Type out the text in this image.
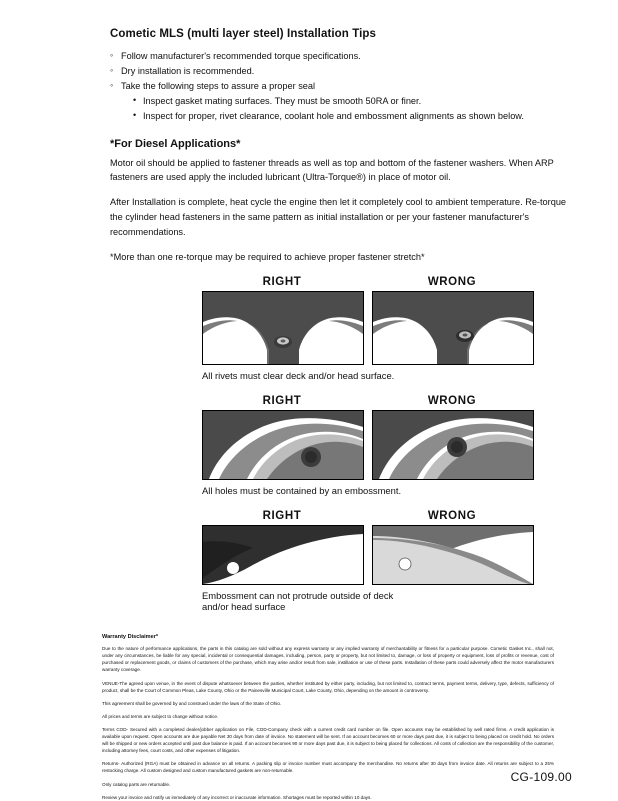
Cometic MLS (multi layer steel) Installation Tips
◦ Follow manufacturer's recommended torque specifications.
◦ Dry installation is recommended.
◦ Take the following steps to assure a proper seal
• Inspect gasket mating surfaces. They must be smooth 50RA or finer.
• Inspect for proper, rivet clearance, coolant hole and embossment alignments as shown below.
*For Diesel Applications*

Motor oil should be applied to fastener threads as well as top and bottom of the fastener washers. When ARP fasteners are used apply the included lubricant (Ultra-Torque®) in place of motor oil.

After Installation is complete, heat cycle the engine then let it completely cool to ambient temperature. Re-torque the cylinder head fasteners in the same pattern as initial installation or per your fastener manufacturer's recommendations.

*More than one re-torque may be required to achieve proper fastener stretch*

RIGHT	WRONG
All rivets must clear deck and/or head surface.

RIGHT	WRONG
All holes must be contained by an embossment.
RIGHT	WRONG
Embossment can not protrude outside of deck
and/or head surface
Warranty Disclaimer*

Due to the nature of performance applications, the parts in this catalog are sold without any express warranty or any implied warranty of merchantability or fitness for a particular purpose. Cometic Gasket Inc., shall not, under any circumstances, be liable for any special, incidental or consequential damages, including, person, party or property, but not limited to, damage, or loss of property or equipment, loss of profits or revenue, cost of purchased or replacement goods, or claims of customers of the purchase, which may arise and/or result from sale, instillation or use of these parts. Installation of these parts could adversely affect the motor manufacturers warranty coverage.

VENUE-The agreed upon venue, in the event of dispute whatsoever between the parties, whether instituted by either party, including, but not limited to, contract terms, payment terms, delivery, type, defects, sufficiency of product, shall be the Court of Common Pleas, Lake County, Ohio or the Painesville Municipal Court, Lake County, Ohio, depending on the amount in controversy.

This agreement shall be governed by and construed under the laws of the State of Ohio.

All prices and terms are subject to change without notice.

Terms COD- Secured with a completed dealer/jobber application on File, COD-Company check with a current credit card number on file. Open accounts may be established by well rated firms. A credit application is available upon request. Open accounts are due payable Net 30 days from date of invoice. No statement will be sent. If an account becomes 60 or more days past due, it is subject to being placed on credit hold. No orders will be shipped or new orders accepted until past due balance is paid. If an account becomes 90 or more days past due, it is subject to being placed for collections. All costs of collection are the responsibility of the customer, including attorney fees, court costs, and other expenses of litigation.

Returns- Authorized (RGA) must be obtained in advance on all returns. A packing slip or invoice number must accompany the merchandise. No returns after 30 days from invoice date. All returns are subject to a 25% restocking charge. All custom designed and custom manufactured gaskets are non-returnable.

Only catalog parts are returnable.

Review your invoice and notify us immediately of any incorrect or inaccurate information. Shortages must be reported within 10 days.

CG-109.00
